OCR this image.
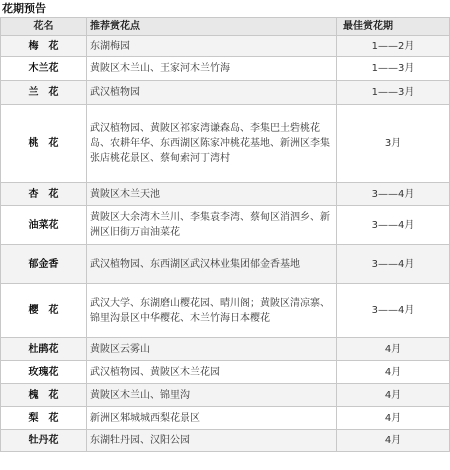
花期预告
花名	推荐赏花点	最佳赏花期
梅　花	东湖梅园	1——2月
木兰花	黄陂区木兰山、王家河木兰竹海	1——3月
兰　花	武汉植物园	1——3月
桃　花	武汉植物园、黄陂区祁家湾谦森岛、李集巴土砦桃花岛、农耕年华、东西湖区陈家冲桃花基地、新洲区李集张店桃花景区、蔡甸索河丁湾村	3月
杏　花	黄陂区木兰天池	3——4月
油菜花	黄陂区大余湾木兰川、李集袁李湾、蔡甸区消泗乡、新洲区旧街万亩油菜花	3——4月
郁金香	武汉植物园、东西湖区武汉林业集团郁金香基地	3——4月
樱　花	武汉大学、东湖磨山樱花园、晴川阁；黄陂区清凉寨、锦里沟景区中华樱花、木兰竹海日本樱花	3——4月
杜鹃花	黄陂区云雾山	4月
玫瑰花	武汉植物园、黄陂区木兰花园	4月
槐　花	黄陂区木兰山、锦里沟	4月
梨　花	新洲区邾城城西梨花景区	4月
牡丹花	东湖牡丹园、汉阳公园	4月
